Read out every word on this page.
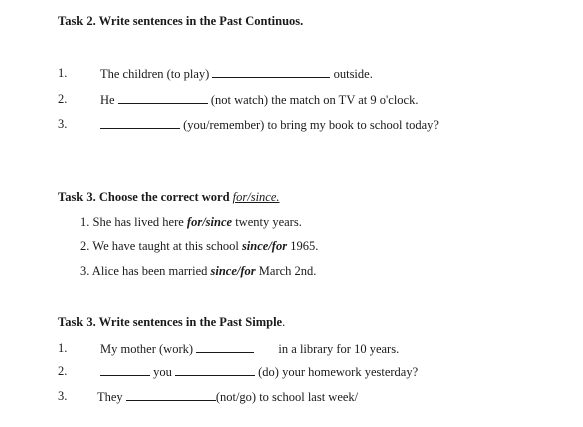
Task 2. Write sentences in the Past Continuos.
1.	The children (to play)	outside.
2.	He	(not watch) the match on TV at 9 o'clock.
3.	(you/remember) to bring my book to school today?
Task 3. Choose the correct word for/since.
1. She has lived here for/since twenty years.
2. We have taught at this school since/for 1965.
3. Alice has been married since/for March 2nd.
Task 3. Write sentences in the Past Simple.
1.	My mother (work)	in a library for 10 years.
2.	you	(do) your homework yesterday?
3. They	(not/go) to school last week/
